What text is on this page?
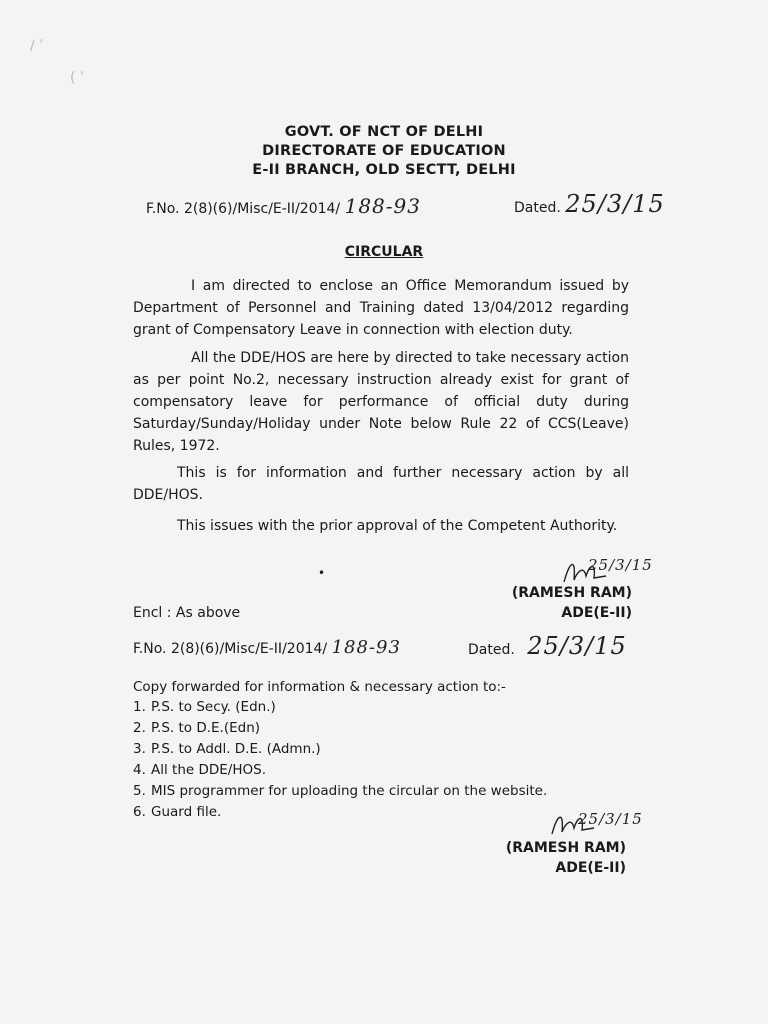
/ ˈ
( ˈ
GOVT. OF NCT OF DELHI
DIRECTORATE OF EDUCATION
E-II BRANCH, OLD SECTT, DELHI
F.No. 2(8)(6)/Misc/E-II/2014/ 188-93	Dated. 25/3/15
CIRCULAR
I am directed to enclose an Office Memorandum issued by Department of Personnel and Training dated 13/04/2012 regarding grant of Compensatory Leave in connection with election duty.
All the DDE/HOS are here by directed to take necessary action as per point No.2, necessary instruction already exist for grant of compensatory leave for performance of official duty during Saturday/Sunday/Holiday under Note below Rule 22 of CCS(Leave) Rules, 1972.
This is for information and further necessary action by all DDE/HOS.
This issues with the prior approval of the Competent Authority.
25/3/15
(RAMESH RAM)
ADE(E-II)
•
Encl : As above
F.No. 2(8)(6)/Misc/E-II/2014/ 188-93	Dated. 25/3/15
Copy forwarded for information & necessary action to:-
1. P.S. to Secy. (Edn.)
2. P.S. to D.E.(Edn)
3. P.S. to Addl. D.E. (Admn.)
4. All the DDE/HOS.
5. MIS programmer for uploading the circular on the website.
6. Guard file.	25/3/15
(RAMESH RAM)
ADE(E-II)
